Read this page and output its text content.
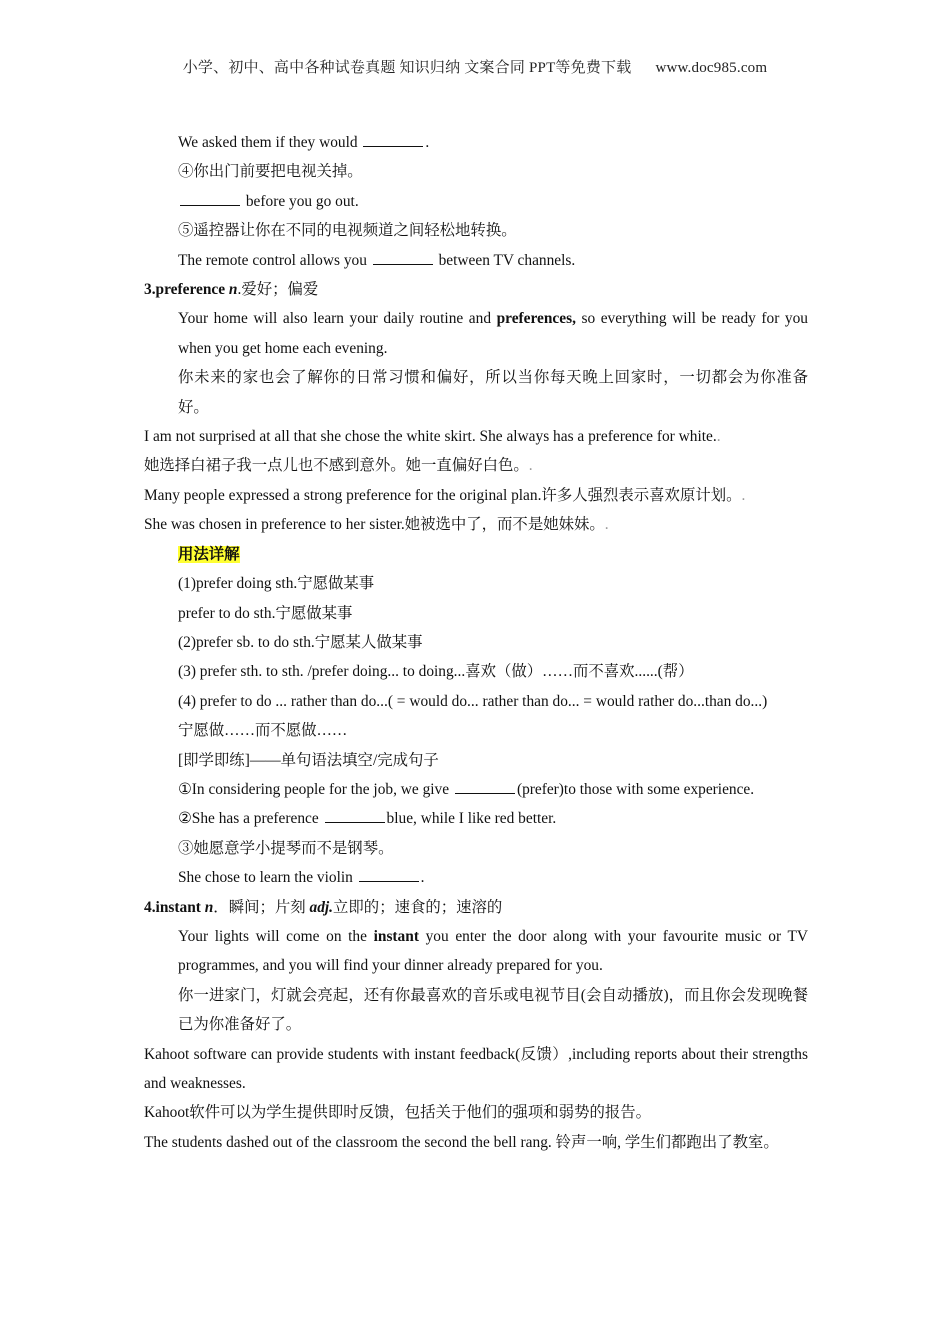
小学、初中、高中各种试卷真题 知识归纳 文案合同 PPT等免费下载 www.doc985.com

We asked them if they would	.

④你出门前要把电视关掉。

before you go out.

⑤遥控器让你在不同的电视频道之间轻松地转换。

The remote control allows you	between TV channels.

3.preference n.爱好；偏爱

Your home will also learn your daily routine and preferences, so everything will be ready for you when you get home each evening.

你未来的家也会了解你的日常习惯和偏好，所以当你每天晚上回家时，一切都会为你准备好。

I am not surprised at all that she chose the white skirt. She always has a preference for white..

她选择白裙子我一点儿也不感到意外。她一直偏好白色。.

Many people expressed a strong preference for the original plan.许多人强烈表示喜欢原计划。.

She was chosen in preference to her sister.她被选中了，而不是她妹妹。.

用法详解

(1)prefer doing sth.宁愿做某事

prefer to do sth.宁愿做某事

(2)prefer sb. to do sth.宁愿某人做某事

(3) prefer sth. to sth. /prefer doing... to doing...喜欢（做）……而不喜欢......(帮）

(4) prefer to do ... rather than do...( = would do... rather than do... = would rather do...than do...)

宁愿做……而不愿做……

[即学即练]——单句语法填空/完成句子

①In considering people for the job, we give	(prefer)to those with some experience.

②She has a preference	blue, while I like red better.

③她愿意学小提琴而不是钢琴。

She chose to learn the violin	.

4.instant n．瞬间；片刻 adj.立即的；速食的；速溶的

Your lights will come on the instant you enter the door along with your favourite music or TV programmes, and you will find your dinner already prepared for you.

你一进家门，灯就会亮起，还有你最喜欢的音乐或电视节目(会自动播放)，而且你会发现晚餐已为你准备好了。

Kahoot software can provide students with instant feedback(反馈）,including reports about their strengths and weaknesses.

Kahoot软件可以为学生提供即时反馈，包括关于他们的强项和弱势的报告。

The students dashed out of the classroom the second the bell rang. 铃声一响, 学生们都跑出了教室。
